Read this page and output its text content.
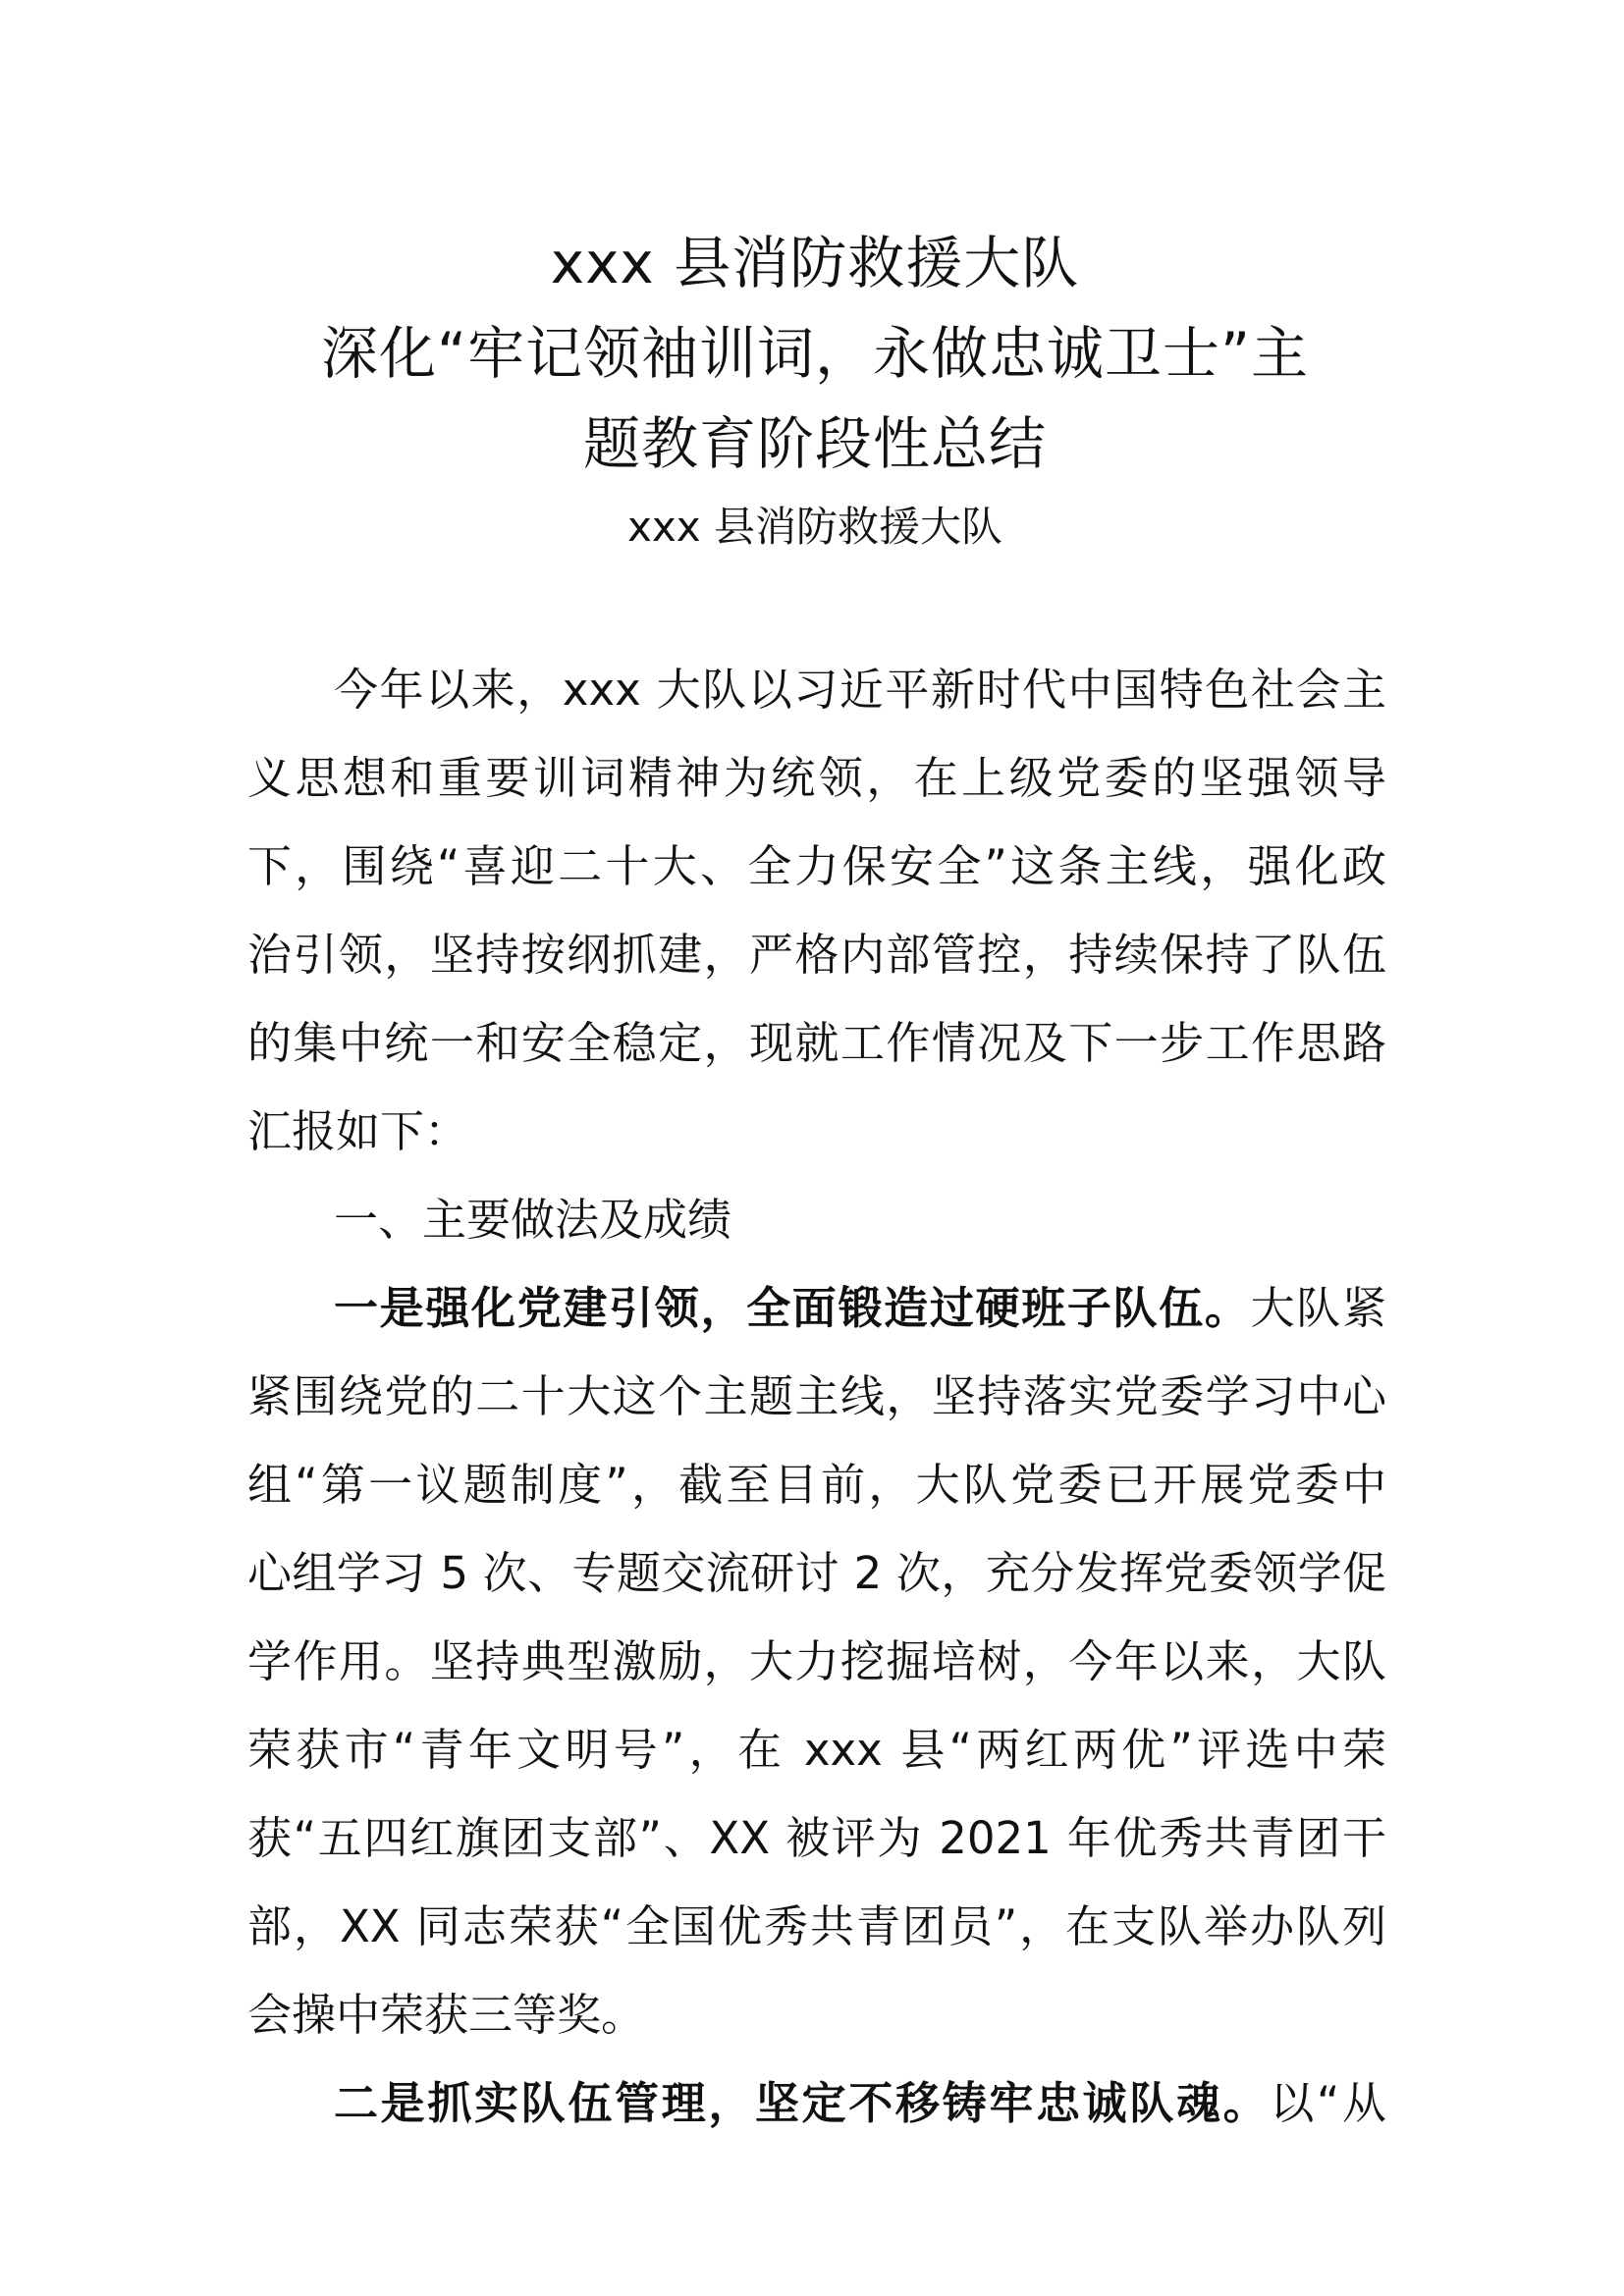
xxx 县消防救援大队
深化“牢记领袖训词，永做忠诚卫士”主
题教育阶段性总结
xxx 县消防救援大队
今年以来，xxx 大队以习近平新时代中国特色社会主
义思想和重要训词精神为统领，在上级党委的坚强领导
下，围绕“喜迎二十大、全力保安全”这条主线，强化政
治引领，坚持按纲抓建，严格内部管控，持续保持了队伍
的集中统一和安全稳定，现就工作情况及下一步工作思路
汇报如下：
一、主要做法及成绩
一是强化党建引领，全面锻造过硬班子队伍。大队紧
紧围绕党的二十大这个主题主线，坚持落实党委学习中心
组“第一议题制度”，截至目前，大队党委已开展党委中
心组学习 5 次、专题交流研讨 2 次，充分发挥党委领学促
学作用。坚持典型激励，大力挖掘培树，今年以来，大队
荣获市“青年文明号”，在 xxx 县“两红两优”评选中荣
获“五四红旗团支部”、XX 被评为 2021 年优秀共青团干
部，XX 同志荣获“全国优秀共青团员”，在支队举办队列
会操中荣获三等奖。
二是抓实队伍管理，坚定不移铸牢忠诚队魂。以“从
